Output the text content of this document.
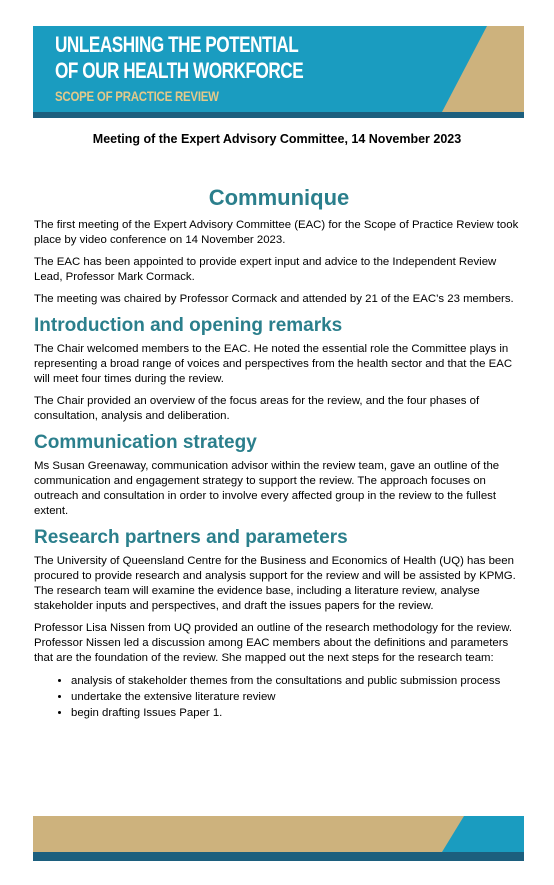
UNLEASHING THE POTENTIAL
OF OUR HEALTH WORKFORCE
SCOPE OF PRACTICE REVIEW
Meeting of the Expert Advisory Committee, 14 November 2023
Communique

The first meeting of the Expert Advisory Committee (EAC) for the Scope of Practice Review took place by video conference on 14 November 2023.

The EAC has been appointed to provide expert input and advice to the Independent Review Lead, Professor Mark Cormack.

The meeting was chaired by Professor Cormack and attended by 21 of the EAC’s 23 members.

Introduction and opening remarks

The Chair welcomed members to the EAC. He noted the essential role the Committee plays in representing a broad range of voices and perspectives from the health sector and that the EAC will meet four times during the review.

The Chair provided an overview of the focus areas for the review, and the four phases of consultation, analysis and deliberation.

Communication strategy

Ms Susan Greenaway, communication advisor within the review team, gave an outline of the communication and engagement strategy to support the review. The approach focuses on outreach and consultation in order to involve every affected group in the review to the fullest extent.

Research partners and parameters

The University of Queensland Centre for the Business and Economics of Health (UQ) has been procured to provide research and analysis support for the review and will be assisted by KPMG. The research team will examine the evidence base, including a literature review, analyse stakeholder inputs and perspectives, and draft the issues papers for the review.

Professor Lisa Nissen from UQ provided an outline of the research methodology for the review. Professor Nissen led a discussion among EAC members about the definitions and parameters that are the foundation of the review. She mapped out the next steps for the research team:

• analysis of stakeholder themes from the consultations and public submission process
• undertake the extensive literature review
• begin drafting Issues Paper 1.
